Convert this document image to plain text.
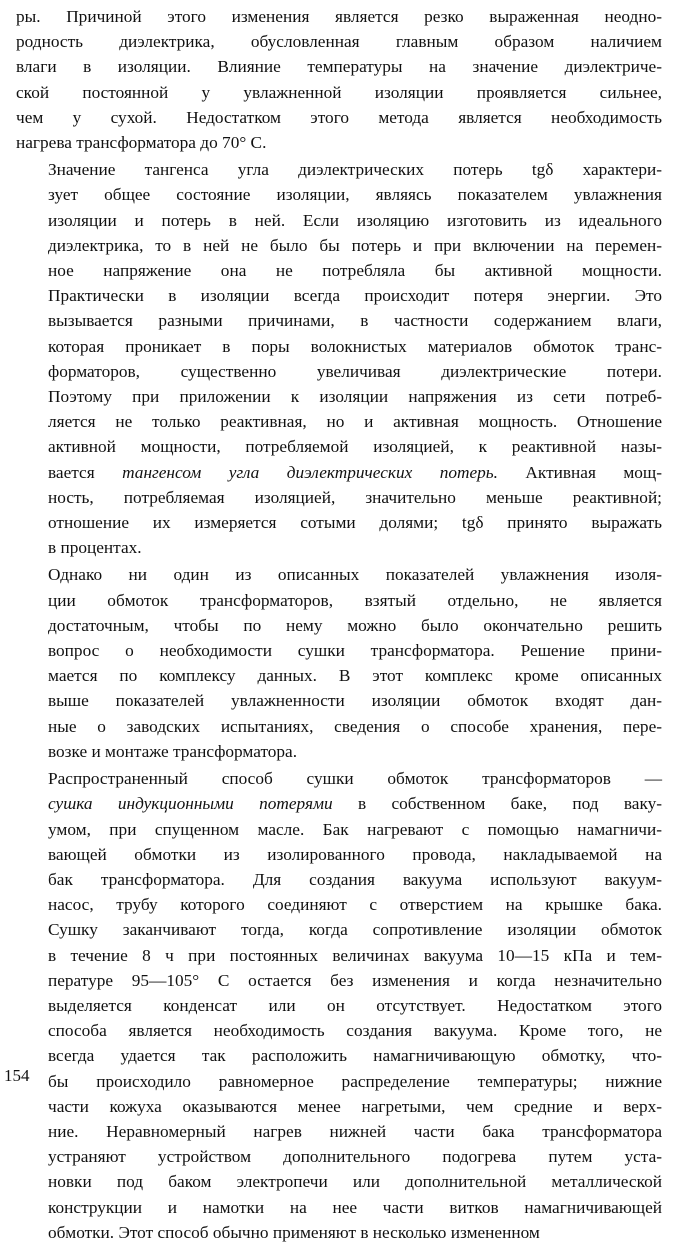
ры. Причиной этого изменения является резко выраженная неодно-
родность диэлектрика, обусловленная главным образом наличием
влаги в изоляции. Влияние температуры на значение диэлектриче-
ской постоянной у увлажненной изоляции проявляется сильнее,
чем у сухой. Недостатком этого метода является необходимость
нагрева трансформатора до 70° С.
Значение тангенса угла диэлектрических потерь tgδ характери-
зует общее состояние изоляции, являясь показателем увлажнения
изоляции и потерь в ней. Если изоляцию изготовить из идеального
диэлектрика, то в ней не было бы потерь и при включении на перемен-
ное напряжение она не потребляла бы активной мощности.
Практически в изоляции всегда происходит потеря энергии. Это
вызывается разными причинами, в частности содержанием влаги,
которая проникает в поры волокнистых материалов обмоток транс-
форматоров, существенно увеличивая диэлектрические потери.
Поэтому при приложении к изоляции напряжения из сети потреб-
ляется не только реактивная, но и активная мощность. Отношение
активной мощности, потребляемой изоляцией, к реактивной назы-
вается тангенсом угла диэлектрических потерь. Активная мощ-
ность, потребляемая изоляцией, значительно меньше реактивной;
отношение их измеряется сотыми долями; tgδ принято выражать
в процентах.
Однако ни один из описанных показателей увлажнения изоля-
ции обмоток трансформаторов, взятый отдельно, не является
достаточным, чтобы по нему можно было окончательно решить
вопрос о необходимости сушки трансформатора. Решение прини-
мается по комплексу данных. В этот комплекс кроме описанных
выше показателей увлажненности изоляции обмоток входят дан-
ные о заводских испытаниях, сведения о способе хранения, пере-
возке и монтаже трансформатора.
Распространенный способ сушки обмоток трансформаторов —
сушка индукционными потерями в собственном баке, под ваку-
умом, при спущенном масле. Бак нагревают с помощью намагничи-
вающей обмотки из изолированного провода, накладываемой на
бак трансформатора. Для создания вакуума используют вакуум-
насос, трубу которого соединяют с отверстием на крышке бака.
Сушку заканчивают тогда, когда сопротивление изоляции обмоток
в течение 8 ч при постоянных величинах вакуума 10—15 кПа и тем-
пературе 95—105° С остается без изменения и когда незначительно
выделяется конденсат или он отсутствует. Недостатком этого
способа является необходимость создания вакуума. Кроме того, не
всегда удается так расположить намагничивающую обмотку, что-
бы происходило равномерное распределение температуры; нижние
части кожуха оказываются менее нагретыми, чем средние и верх-
ние. Неравномерный нагрев нижней части бака трансформатора
устраняют устройством дополнительного подогрева путем уста-
новки под баком электропечи или дополнительной металлической
конструкции и намотки на нее части витков намагничивающей
обмотки. Этот способ обычно применяют в несколько измененном
154
